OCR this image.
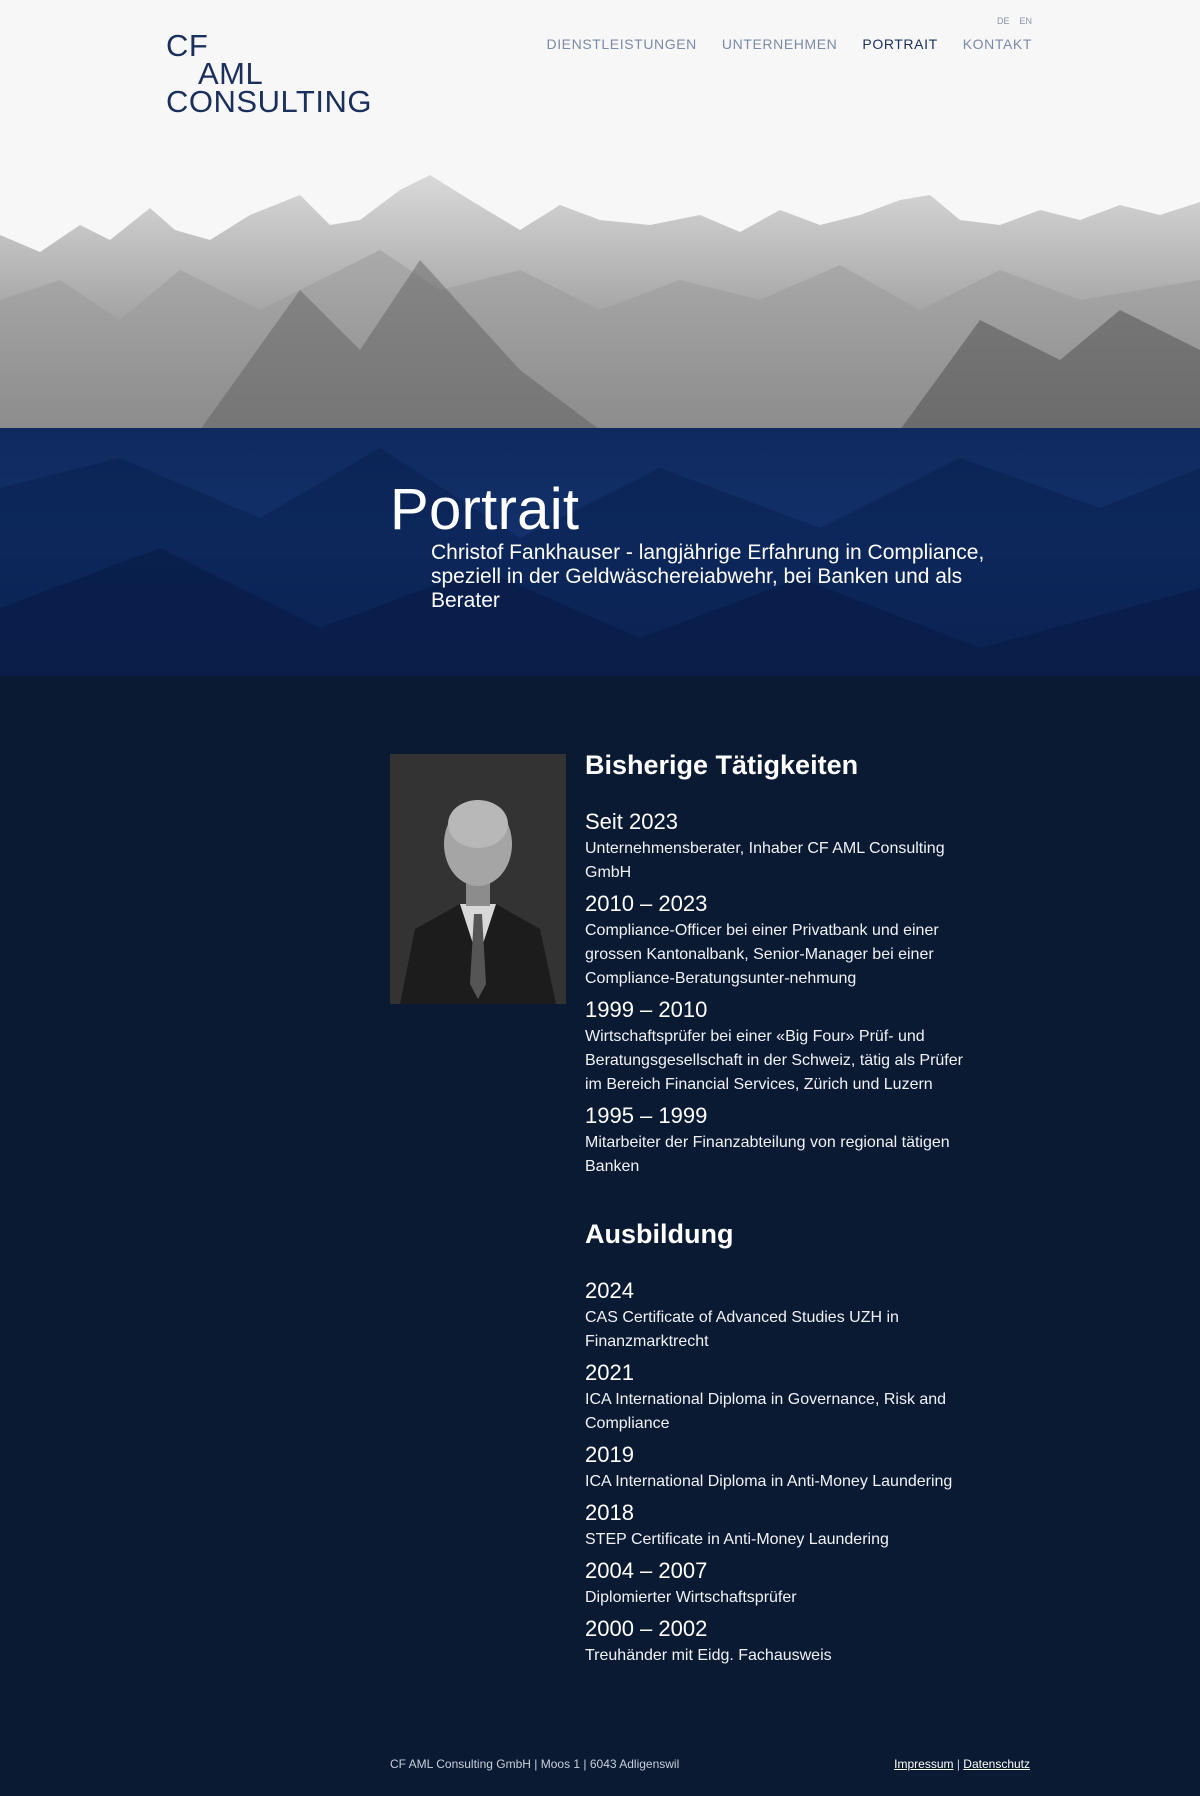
CF
AML
CONSULTING
DE EN
DIENSTLEISTUNGEN UNTERNEHMEN PORTRAIT KONTAKT
Portrait
Christof Fankhauser - langjährige Erfahrung in Compliance, speziell in der Geldwäschereiabwehr, bei Banken und als Berater
Bisherige Tätigkeiten
Seit 2023
Unternehmensberater, Inhaber CF AML Consulting GmbH
2010 – 2023
Compliance-Officer bei einer Privatbank und einer grossen Kantonalbank, Senior-Manager bei einer Compliance-Beratungsunter-nehmung
1999 – 2010
Wirtschaftsprüfer bei einer «Big Four» Prüf- und Beratungsgesellschaft in der Schweiz, tätig als Prüfer im Bereich Financial Services, Zürich und Luzern
1995 – 1999
Mitarbeiter der Finanzabteilung von regional tätigen Banken
Ausbildung
2024
CAS Certificate of Advanced Studies UZH in Finanzmarktrecht
2021
ICA International Diploma in Governance, Risk and Compliance
2019
ICA International Diploma in Anti-Money Laundering
2018
STEP Certificate in Anti-Money Laundering
2004 – 2007
Diplomierter Wirtschaftsprüfer
2000 – 2002
Treuhänder mit Eidg. Fachausweis
CF AML Consulting GmbH | Moos 1 | 6043 Adligenswil	Impressum | Datenschutz
